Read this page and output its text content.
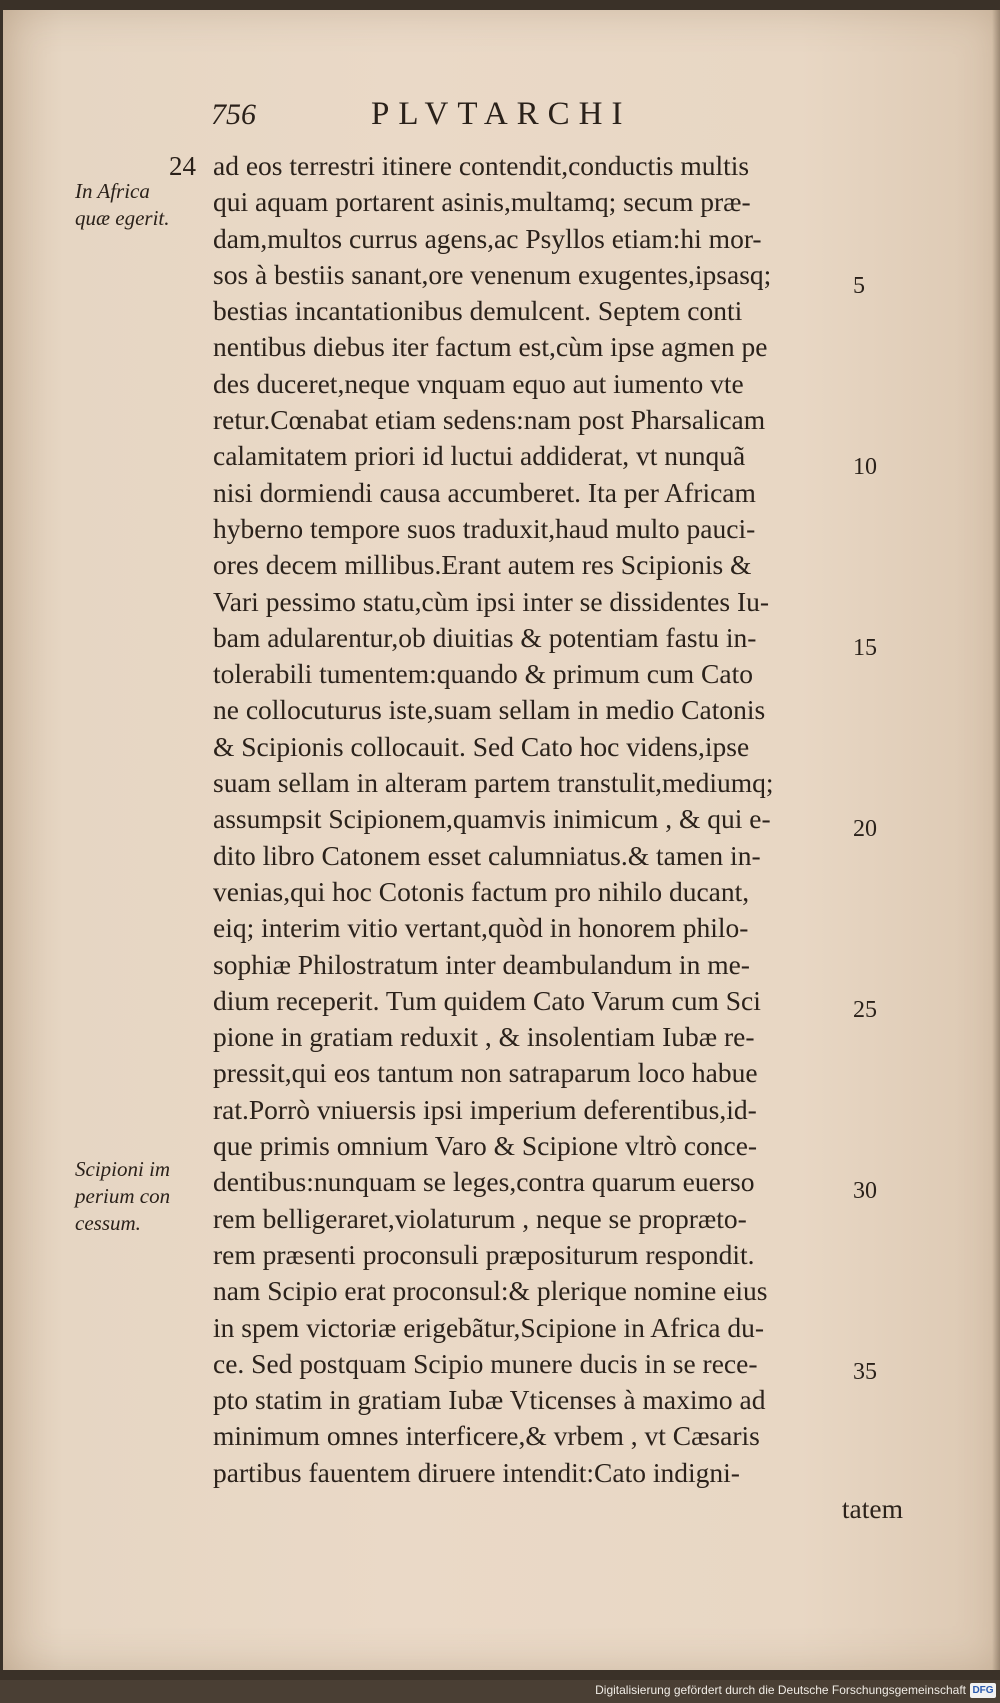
756	PLVTARCHI
24
In Africa
quæ egerit.
Scipioni im
perium con
cessum.
5
10
15
20
25
30
35
ad eos terrestri itinere contendit,conductis multis
qui aquam portarent asinis,multamq; secum præ-
dam,multos currus agens,ac Psyllos etiam:hi mor-
sos à bestiis sanant,ore venenum exugentes,ipsasq;
bestias incantationibus demulcent. Septem conti
nentibus diebus iter factum est,cùm ipse agmen pe
des duceret,neque vnquam equo aut iumento vte
retur.Cœnabat etiam sedens:nam post Pharsalicam
calamitatem priori id luctui addiderat, vt nunquã
nisi dormiendi causa accumberet. Ita per Africam
hyberno tempore suos traduxit,haud multo pauci-
ores decem millibus.Erant autem res Scipionis &
Vari pessimo statu,cùm ipsi inter se dissidentes Iu-
bam adularentur,ob diuitias & potentiam fastu in-
tolerabili tumentem:quando & primum cum Cato
ne collocuturus iste,suam sellam in medio Catonis
& Scipionis collocauit. Sed Cato hoc videns,ipse
suam sellam in alteram partem transtulit,mediumq;
assumpsit Scipionem,quamvis inimicum , & qui e-
dito libro Catonem esset calumniatus.& tamen in-
venias,qui hoc Cotonis factum pro nihilo ducant,
eiq; interim vitio vertant,quòd in honorem philo-
sophiæ Philostratum inter deambulandum in me-
dium receperit. Tum quidem Cato Varum cum Sci
pione in gratiam reduxit , & insolentiam Iubæ re-
pressit,qui eos tantum non satraparum loco habue
rat.Porrò vniuersis ipsi imperium deferentibus,id-
que primis omnium Varo & Scipione vltrò conce-
dentibus:nunquam se leges,contra quarum euerso
rem belligeraret,violaturum , neque se propræto-
rem præsenti proconsuli præpositurum respondit.
nam Scipio erat proconsul:& plerique nomine eius
in spem victoriæ erigebãtur,Scipione in Africa du-
ce. Sed postquam Scipio munere ducis in se rece-
pto statim in gratiam Iubæ Vticenses à maximo ad
minimum omnes interficere,& vrbem , vt Cæsaris
partibus fauentem diruere intendit:Cato indigni-
tatem
Digitalisierung gefördert durch die Deutsche Forschungsgemeinschaft DFG
